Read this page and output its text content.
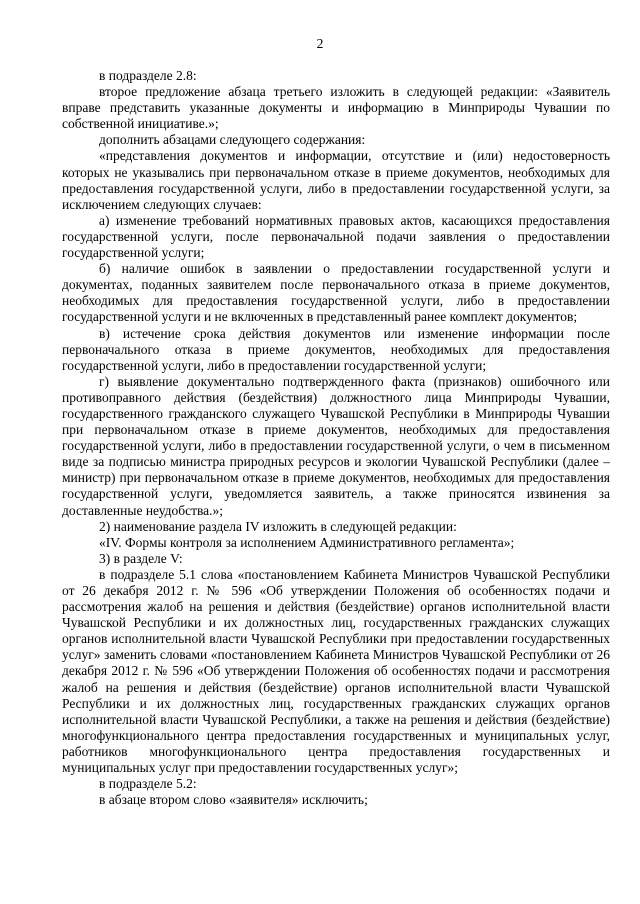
2

в подразделе 2.8:

второе предложение абзаца третьего изложить в следующей редакции: «Заявитель вправе представить указанные документы и информацию в Минприроды Чувашии по собственной инициативе.»;

дополнить абзацами следующего содержания:

«представления документов и информации, отсутствие и (или) недостоверность которых не указывались при первоначальном отказе в приеме документов, необходимых для предоставления государственной услуги, либо в предоставлении государственной услуги, за исключением следующих случаев:

а) изменение требований нормативных правовых актов, касающихся предоставления государственной услуги, после первоначальной подачи заявления о предоставлении государственной услуги;

б) наличие ошибок в заявлении о предоставлении государственной услуги и документах, поданных заявителем после первоначального отказа в приеме документов, необходимых для предоставления государственной услуги, либо в предоставлении государственной услуги и не включенных в представленный ранее комплект документов;

в) истечение срока действия документов или изменение информации после первоначального отказа в приеме документов, необходимых для предоставления государственной услуги, либо в предоставлении государственной услуги;

г) выявление документально подтвержденного факта (признаков) ошибочного или противоправного действия (бездействия) должностного лица Минприроды Чувашии, государственного гражданского служащего Чувашской Республики в Минприроды Чувашии при первоначальном отказе в приеме документов, необходимых для предоставления государственной услуги, либо в предоставлении государственной услуги, о чем в письменном виде за подписью министра природных ресурсов и экологии Чувашской Республики (далее – министр) при первоначальном отказе в приеме документов, необходимых для предоставления государственной услуги, уведомляется заявитель, а также приносятся извинения за доставленные неудобства.»;

2) наименование раздела IV изложить в следующей редакции:

«IV. Формы контроля за исполнением Административного регламента»;

3) в разделе V:

в подразделе 5.1 слова «постановлением Кабинета Министров Чувашской Республики от 26 декабря 2012 г. № 596 «Об утверждении Положения об особенностях подачи и рассмотрения жалоб на решения и действия (бездействие) органов исполнительной власти Чувашской Республики и их должностных лиц, государственных гражданских служащих органов исполнительной власти Чувашской Республики при предоставлении государственных услуг» заменить словами «постановлением Кабинета Министров Чувашской Республики от 26 декабря 2012 г. № 596 «Об утверждении Положения об особенностях подачи и рассмотрения жалоб на решения и действия (бездействие) органов исполнительной власти Чувашской Республики и их должностных лиц, государственных гражданских служащих органов исполнительной власти Чувашской Республики, а также на решения и действия (бездействие) многофункционального центра предоставления государственных и муниципальных услуг, работников многофункционального центра предоставления государственных и муниципальных услуг при предоставлении государственных услуг»;

в подразделе 5.2:

в абзаце втором слово «заявителя» исключить;
